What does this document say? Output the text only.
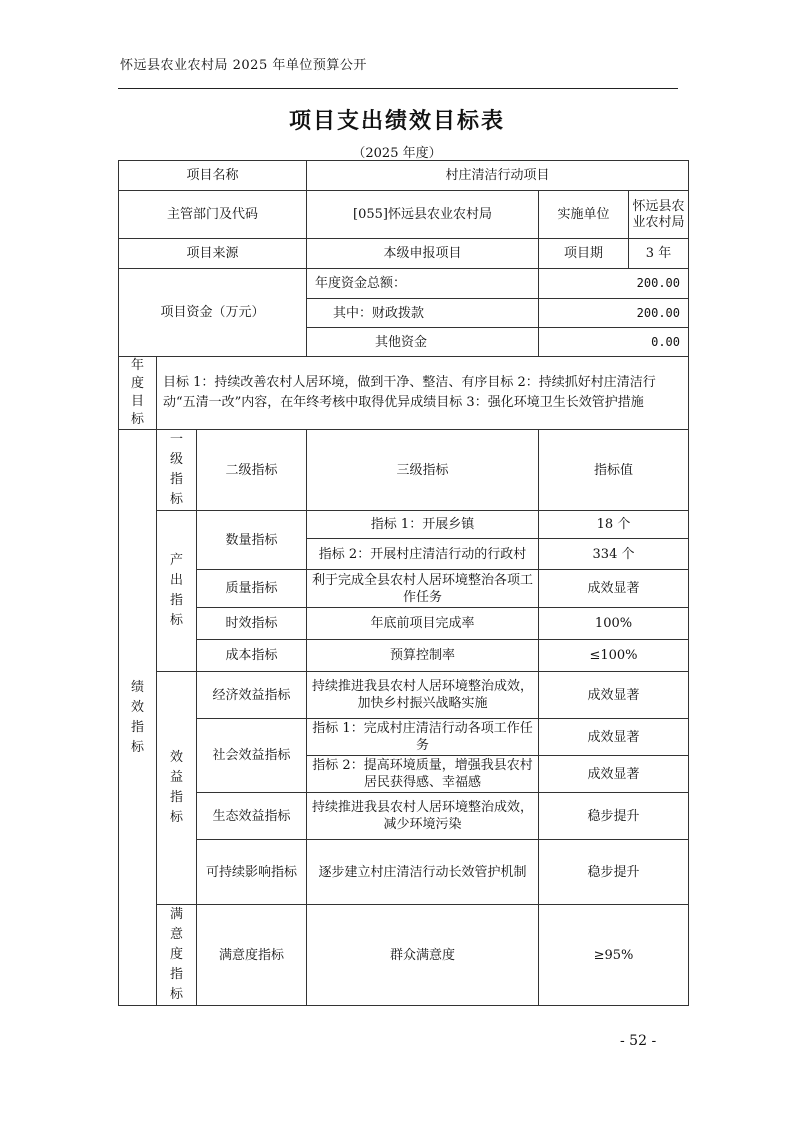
怀远县农业农村局 2025 年单位预算公开
项目支出绩效目标表
（2025 年度）
项目名称			村庄清洁行动项目		
主管部门及代码			[055]怀远县农业农村局	实施单位	怀远县农业农村局
项目来源			本级申报项目	项目期	3 年
项目资金（万元）			年度资金总额：	200.00	
			其中：财政拨款	200.00	
			其他资金	0.00	
年度目标	目标 1：持续改善农村人居环境，做到干净、整洁、有序目标 2：持续抓好村庄清洁行动“五清一改”内容，在年终考核中取得优异成绩目标 3：强化环境卫生长效管护措施				
绩效指标	一级指标	二级指标	三级指标	指标值	
	产出指标	数量指标	指标 1：开展乡镇	18 个	
			指标 2：开展村庄清洁行动的行政村	334 个	
		质量指标	利于完成全县农村人居环境整治各项工作任务	成效显著	
		时效指标	年底前项目完成率	100%	
		成本指标	预算控制率	≤100%	
	效益指标	经济效益指标	持续推进我县农村人居环境整治成效，加快乡村振兴战略实施	成效显著	
		社会效益指标	指标 1：完成村庄清洁行动各项工作任务	成效显著	
			指标 2：提高环境质量，增强我县农村居民获得感、幸福感	成效显著	
		生态效益指标	持续推进我县农村人居环境整治成效，减少环境污染	稳步提升	
		可持续影响指标	逐步建立村庄清洁行动长效管护机制	稳步提升	
	满意度指标	满意度指标	群众满意度	≥95%	
- 52 -
